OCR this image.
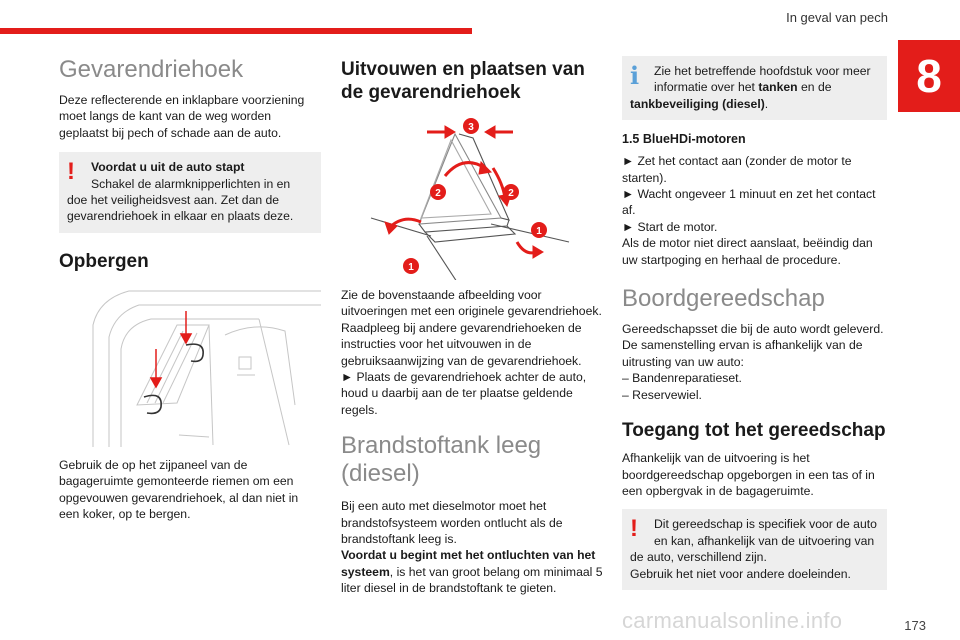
In geval van pech
8
Gevarendriehoek
Deze reflecterende en inklapbare voorziening moet langs de kant van de weg worden geplaatst bij pech of schade aan de auto.
!	Voordat u uit de auto stapt
Schakel de alarmknipperlichten in en
doe het veiligheidsvest aan. Zet dan de gevarendriehoek in elkaar en plaats deze.
Opbergen
Gebruik de op het zijpaneel van de bagageruimte gemonteerde riemen om een opgevouwen gevarendriehoek, al dan niet in een koker, op te bergen.
Uitvouwen en plaatsen van de gevarendriehoek
3
2	2
1
1
Zie de bovenstaande afbeelding voor uitvoeringen met een originele gevarendriehoek.
Raadpleeg bij andere gevarendriehoeken de instructies voor het uitvouwen in de gebruiksaanwijzing van de gevarendriehoek.
► Plaats de gevarendriehoek achter de auto, houd u daarbij aan de ter plaatse geldende regels.
Brandstoftank leeg (diesel)
Bij een auto met dieselmotor moet het brandstofsysteem worden ontlucht als de brandstoftank leeg is.
Voordat u begint met het ontluchten van het systeem, is het van groot belang om minimaal 5 liter diesel in de brandstoftank te gieten.
i	Zie het betreffende hoofdstuk voor meer
informatie over het tanken en de
tankbeveiliging (diesel).
1.5 BlueHDi-motoren
► Zet het contact aan (zonder de motor te starten).
► Wacht ongeveer 1 minuut en zet het contact af.
► Start de motor.
Als de motor niet direct aanslaat, beëindig dan uw startpoging en herhaal de procedure.
Boordgereedschap
Gereedschapsset die bij de auto wordt geleverd. De samenstelling ervan is afhankelijk van de uitrusting van uw auto:
– Bandenreparatieset.
– Reservewiel.
Toegang tot het gereedschap
Afhankelijk van de uitvoering is het boordgereedschap opgeborgen in een tas of in een opbergvak in de bagageruimte.
!	Dit gereedschap is specifiek voor de auto
en kan, afhankelijk van de uitvoering van
de auto, verschillend zijn.
Gebruik het niet voor andere doeleinden.
carmanualsonline.info	173
